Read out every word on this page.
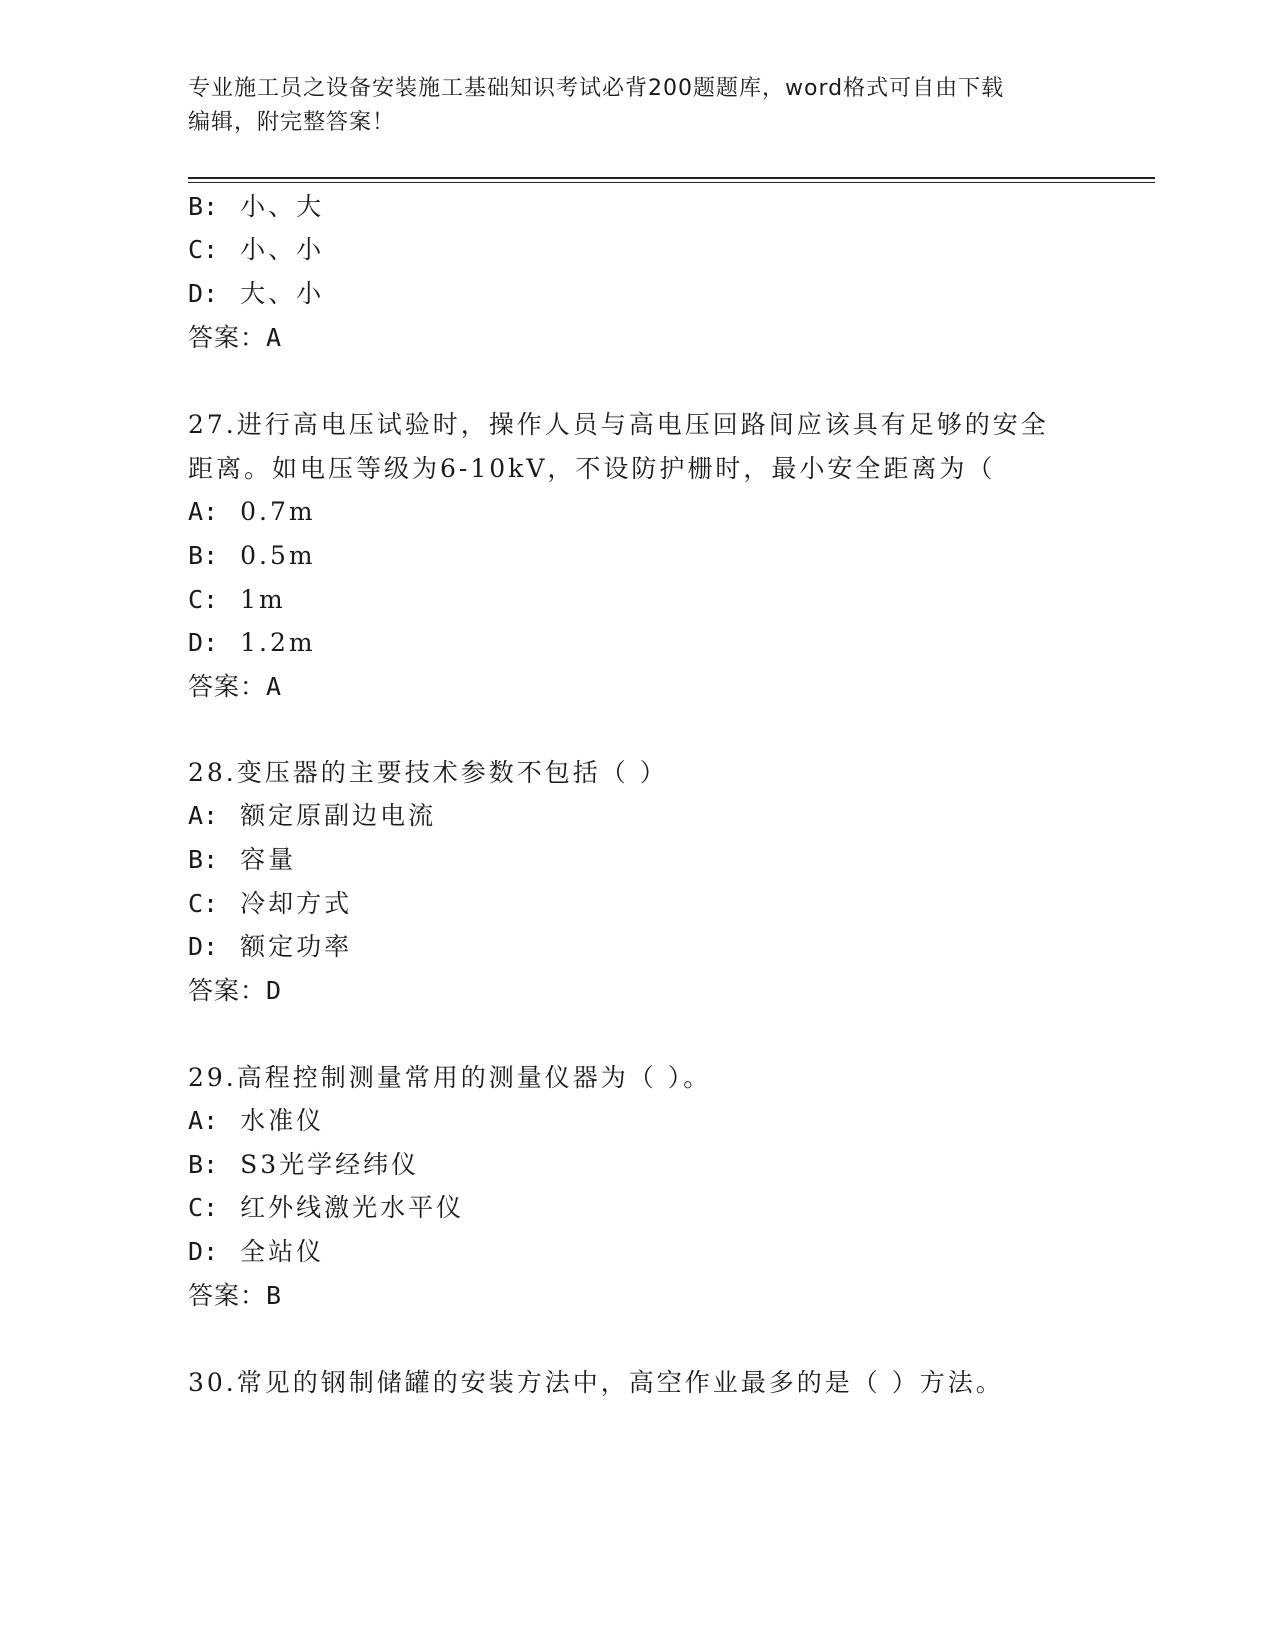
专业施工员之设备安装施工基础知识考试必背200题题库，word格式可自由下载
编辑，附完整答案！
B: 小、大
C: 小、小
D: 大、小
答案：A
27.进行高电压试验时，操作人员与高电压回路间应该具有足够的安全
距离。如电压等级为6-10kV，不设防护栅时，最小安全距离为（
A: 0.7m
B: 0.5m
C: 1m
D: 1.2m
答案：A
28.变压器的主要技术参数不包括（ ）
A: 额定原副边电流
B: 容量
C: 冷却方式
D: 额定功率
答案：D
29.高程控制测量常用的测量仪器为（ ）。
A: 水准仪
B: S3光学经纬仪
C: 红外线激光水平仪
D: 全站仪
答案：B
30.常见的钢制储罐的安装方法中，高空作业最多的是（ ）方法。
